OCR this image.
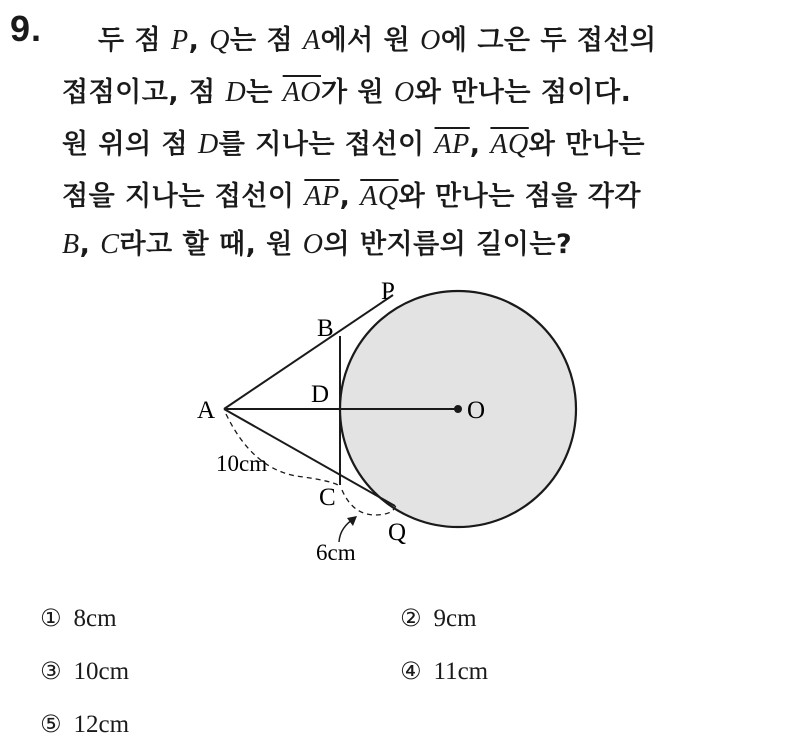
9. 두 점 P, Q는 점 A에서 원 O에 그은 두 접선의
접점이고, 점 D는 $\overline{AO}$가 원 O와 만나는 점이다.
원 위의 점 D를 지나는 접선이 $\overline{AP}$, $\overline{AQ}$와 만나는
점을 지나는 접선이 $\overline{AP}$, $\overline{AQ}$와 만나는 점을 각각
B, C라고 할 때, 원 O의 반지름의 길이는?
P
B
D
A	O
C
Q
10cm
6cm
① 8cm	② 9cm
③ 10cm	④ 11cm
⑤ 12cm
